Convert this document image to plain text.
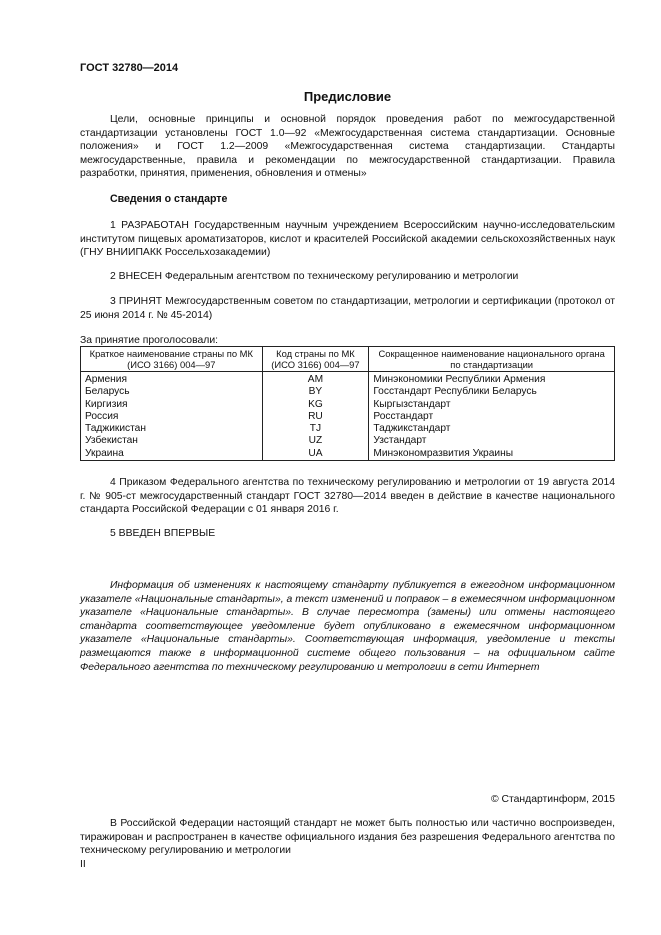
ГОСТ 32780—2014
Предисловие

Цели, основные принципы и основной порядок проведения работ по межгосударственной стандартизации установлены ГОСТ 1.0—92 «Межгосударственная система стандартизации. Основные положения» и ГОСТ 1.2—2009 «Межгосударственная система стандартизации. Стандарты межгосударственные, правила и рекомендации по межгосударственной стандартизации. Правила разработки, принятия, применения, обновления и отмены»

Сведения о стандарте

1 РАЗРАБОТАН Государственным научным учреждением Всероссийским научно-исследовательским институтом пищевых ароматизаторов, кислот и красителей Российской академии сельскохозяйственных наук (ГНУ ВНИИПАКК Россельхозакадемии)

2 ВНЕСЕН Федеральным агентством по техническому регулированию и метрологии

3 ПРИНЯТ Межгосударственным советом по стандартизации, метрологии и сертификации (протокол от 25 июня 2014 г. № 45-2014)

За принятие проголосовали:
Краткое наименование страны по МК (ИСО 3166) 004—97	Код страны по МК (ИСО 3166) 004—97	Сокращенное наименование национального органа по стандартизации
Армения	AM	Минэкономики Республики Армения
Беларусь	BY	Госстандарт Республики Беларусь
Киргизия	KG	Кыргызстандарт
Россия	RU	Росстандарт
Таджикистан	TJ	Таджикстандарт
Узбекистан	UZ	Узстандарт
Украина	UA	Минэкономразвития Украины

4 Приказом Федерального агентства по техническому регулированию и метрологии от 19 августа 2014 г. № 905-ст межгосударственный стандарт ГОСТ 32780—2014 введен в действие в качестве национального стандарта Российской Федерации с 01 января 2016 г.

5 ВВЕДЕН ВПЕРВЫЕ

Информация об изменениях к настоящему стандарту публикуется в ежегодном информационном указателе «Национальные стандарты», а текст изменений и поправок – в ежемесячном информационном указателе «Национальные стандарты». В случае пересмотра (замены) или отмены настоящего стандарта соответствующее уведомление будет опубликовано в ежемесячном информационном указателе «Национальные стандарты». Соответствующая информация, уведомление и тексты размещаются также в информационной системе общего пользования – на официальном сайте Федерального агентства по техническому регулированию и метрологии в сети Интернет

© Стандартинформ, 2015

В Российской Федерации настоящий стандарт не может быть полностью или частично воспроизведен, тиражирован и распространен в качестве официального издания без разрешения Федерального агентства по техническому регулированию и метрологии

II
